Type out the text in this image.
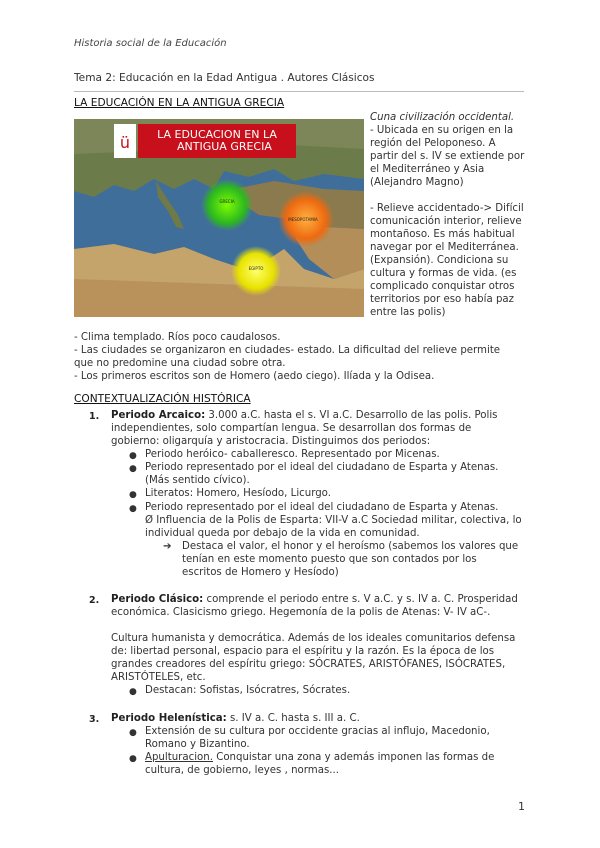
Historia social de la Educación
Tema 2: Educación en la Edad Antigua . Autores Clásicos
LA EDUCACIÓN EN LA ANTIGUA GRECIA
ü LA EDUCACION EN LA
ANTIGUA GRECIA
GRECIA
MESOPOTAMIA
EGIPTO
Cuna civilización occidental.
- Ubicada en su origen en la
región del Peloponeso. A
partir del s. IV se extiende por
el Mediterráneo y Asia
(Alejandro Magno)
- Relieve accidentado-> Difícil
comunicación interior, relieve
montañoso. Es más habitual
navegar por el Mediterránea.
(Expansión). Condiciona su
cultura y formas de vida. (es
complicado conquistar otros
territorios por eso había paz
entre las polis)
- Clima templado. Ríos poco caudalosos.
- Las ciudades se organizaron en ciudades- estado. La dificultad del relieve permite
que no predomine una ciudad sobre otra.
- Los primeros escritos son de Homero (aedo ciego). Ilíada y la Odisea.
CONTEXTUALIZACIÓN HISTÓRICA
1. Periodo Arcaico: 3.000 a.C. hasta el s. VI a.C. Desarrollo de las polis. Polis
independientes, solo compartían lengua. Se desarrollan dos formas de
gobierno: oligarquía y aristocracia. Distinguimos dos periodos:
● Periodo heróico- caballeresco. Representado por Micenas.
● Periodo representado por el ideal del ciudadano de Esparta y Atenas.
(Más sentido cívico).
● Literatos: Homero, Hesíodo, Licurgo.
● Periodo representado por el ideal del ciudadano de Esparta y Atenas.
Ø Influencia de la Polis de Esparta: VII-V a.C Sociedad militar, colectiva, lo
individual queda por debajo de la vida en comunidad.
➔ Destaca el valor, el honor y el heroísmo (sabemos los valores que
tenían en este momento puesto que son contados por los
escritos de Homero y Hesíodo)
2. Periodo Clásico: comprende el periodo entre s. V a.C. y s. IV a. C. Prosperidad
económica. Clasicismo griego. Hegemonía de la polis de Atenas: V- IV aC-.
Cultura humanista y democrática. Además de los ideales comunitarios defensa
de: libertad personal, espacio para el espíritu y la razón. Es la época de los
grandes creadores del espíritu griego: SÓCRATES, ARISTÓFANES, ISÓCRATES,
ARISTÓTELES, etc.
● Destacan: Sofistas, Isócratres, Sócrates.
3. Periodo Helenística: s. IV a. C. hasta s. III a. C.
● Extensión de su cultura por occidente gracias al influjo, Macedonio,
Romano y Bizantino.
● Apulturacion. Conquistar una zona y además imponen las formas de
cultura, de gobierno, leyes , normas...
1
